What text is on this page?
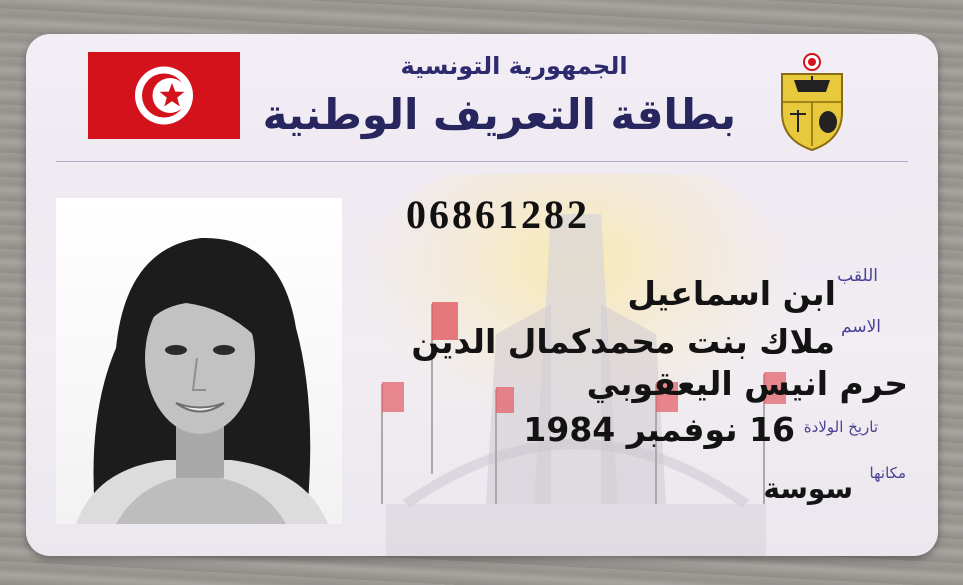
الجمهورية التونسية
بطاقة التعريف الوطنية
06861282
اللقب
ابن اسماعيل
الاسم
ملاك بنت محمدكمال الدين
حرم انيس اليعقوبي
تاريخ الولادة
16 نوفمبر 1984
مكانها
سوسة
